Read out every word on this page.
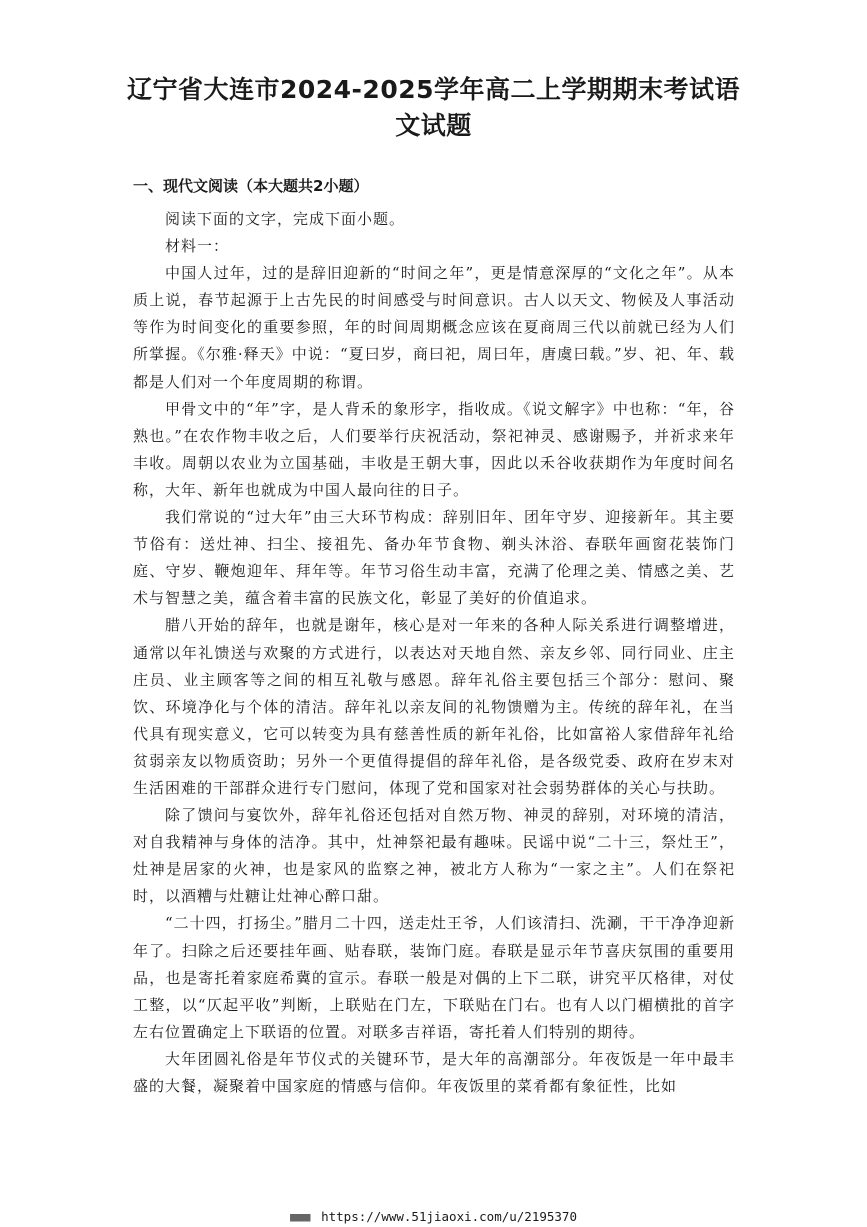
辽宁省大连市2024-2025学年高二上学期期末考试语文试题
一、现代文阅读（本大题共2小题）

阅读下面的文字，完成下面小题。

材料一：

中国人过年，过的是辞旧迎新的“时间之年”，更是情意深厚的“文化之年”。从本质上说，春节起源于上古先民的时间感受与时间意识。古人以天文、物候及人事活动等作为时间变化的重要参照，年的时间周期概念应该在夏商周三代以前就已经为人们所掌握。《尔雅·释天》中说：“夏曰岁，商曰祀，周曰年，唐虞曰载。”岁、祀、年、载都是人们对一个年度周期的称谓。

甲骨文中的“年”字，是人背禾的象形字，指收成。《说文解字》中也称：“年，谷熟也。”在农作物丰收之后，人们要举行庆祝活动，祭祀神灵、感谢赐予，并祈求来年丰收。周朝以农业为立国基础，丰收是王朝大事，因此以禾谷收获期作为年度时间名称，大年、新年也就成为中国人最向往的日子。

我们常说的“过大年”由三大环节构成：辞别旧年、团年守岁、迎接新年。其主要节俗有：送灶神、扫尘、接祖先、备办年节食物、剃头沐浴、春联年画窗花装饰门庭、守岁、鞭炮迎年、拜年等。年节习俗生动丰富，充满了伦理之美、情感之美、艺术与智慧之美，蕴含着丰富的民族文化，彰显了美好的价值追求。

腊八开始的辞年，也就是谢年，核心是对一年来的各种人际关系进行调整增进，通常以年礼馈送与欢聚的方式进行，以表达对天地自然、亲友乡邻、同行同业、庄主庄员、业主顾客等之间的相互礼敬与感恩。辞年礼俗主要包括三个部分：慰问、聚饮、环境净化与个体的清洁。辞年礼以亲友间的礼物馈赠为主。传统的辞年礼，在当代具有现实意义，它可以转变为具有慈善性质的新年礼俗，比如富裕人家借辞年礼给贫弱亲友以物质资助；另外一个更值得提倡的辞年礼俗，是各级党委、政府在岁末对生活困难的干部群众进行专门慰问，体现了党和国家对社会弱势群体的关心与扶助。

除了馈问与宴饮外，辞年礼俗还包括对自然万物、神灵的辞别，对环境的清洁，对自我精神与身体的洁净。其中，灶神祭祀最有趣味。民谣中说“二十三，祭灶王”，灶神是居家的火神，也是家风的监察之神，被北方人称为“一家之主”。人们在祭祀时，以酒糟与灶糖让灶神心醉口甜。

“二十四，打扬尘。”腊月二十四，送走灶王爷，人们该清扫、洗涮，干干净净迎新年了。扫除之后还要挂年画、贴春联，装饰门庭。春联是显示年节喜庆氛围的重要用品，也是寄托着家庭希冀的宣示。春联一般是对偶的上下二联，讲究平仄格律，对仗工整，以“仄起平收”判断，上联贴在门左，下联贴在门右。也有人以门楣横批的首字左右位置确定上下联语的位置。对联多吉祥语，寄托着人们特别的期待。

大年团圆礼俗是年节仪式的关键环节，是大年的高潮部分。年夜饭是一年中最丰盛的大餐，凝聚着中国家庭的情感与信仰。年夜饭里的菜肴都有象征性，比如

■■■ https://www.51jiaoxi.com/u/2195370
